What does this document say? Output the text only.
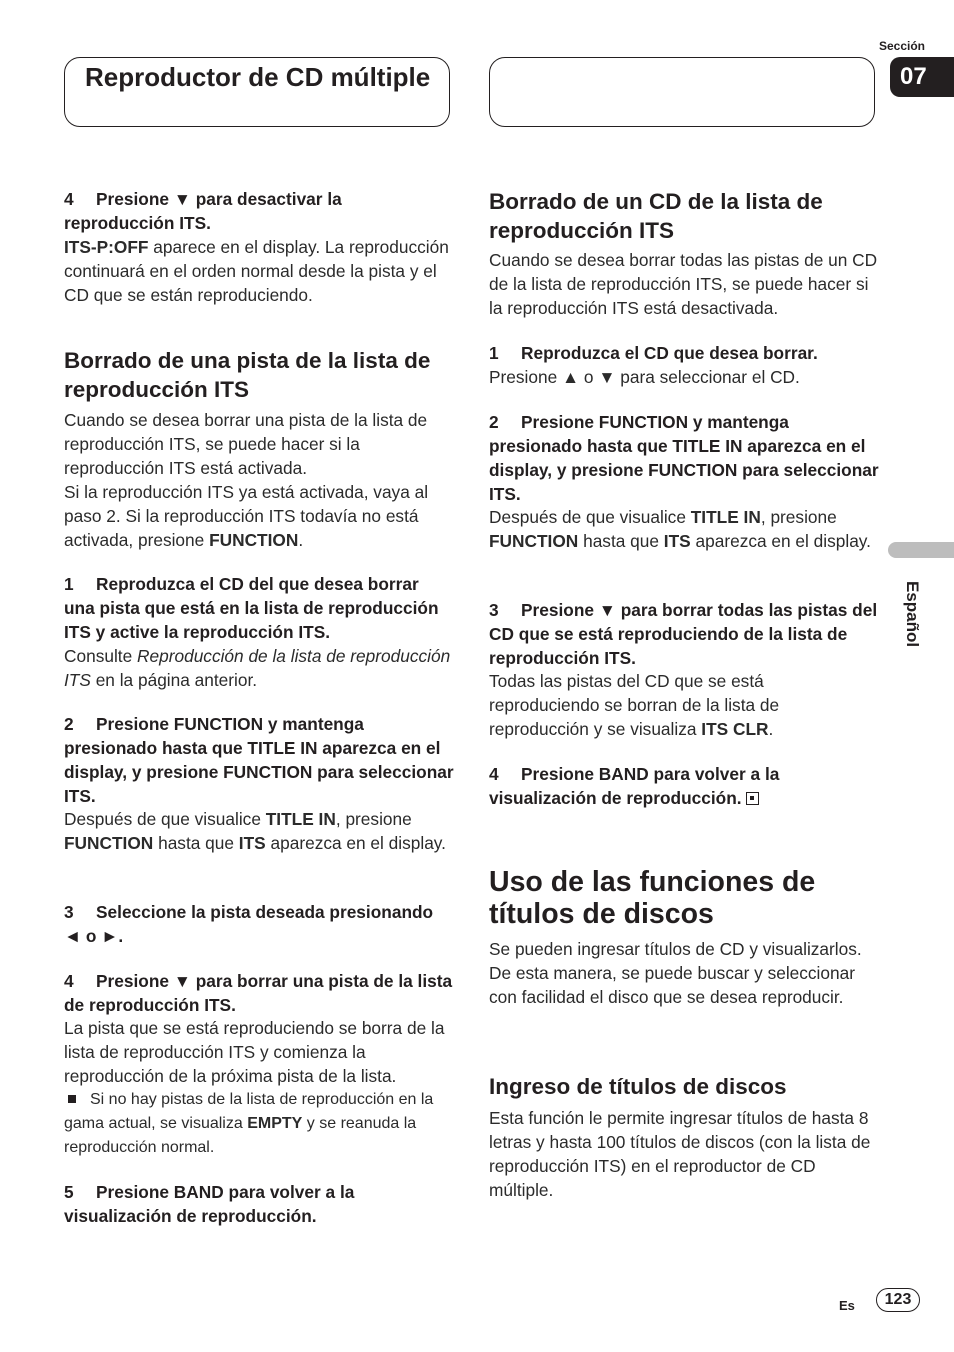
Reproductor de CD múltiple
Sección
07
Español

4 Presione ▼ para desactivar la reproducción ITS.

ITS-P:OFF aparece en el display. La reproducción continuará en el orden normal desde la pista y el CD que se están reproduciendo.

Borrado de una pista de la lista de reproducción ITS

Cuando se desea borrar una pista de la lista de reproducción ITS, se puede hacer si la reproducción ITS está activada.

Si la reproducción ITS ya está activada, vaya al paso 2. Si la reproducción ITS todavía no está activada, presione FUNCTION.

1 Reproduzca el CD del que desea borrar una pista que está en la lista de reproducción ITS y active la reproducción ITS.

Consulte Reproducción de la lista de reproducción ITS en la página anterior.

2 Presione FUNCTION y mantenga presionado hasta que TITLE IN aparezca en el display, y presione FUNCTION para seleccionar ITS.

Después de que visualice TITLE IN, presione FUNCTION hasta que ITS aparezca en el display.

3 Seleccione la pista deseada presionando ◄ o ►.

4 Presione ▼ para borrar una pista de la lista de reproducción ITS.

La pista que se está reproduciendo se borra de la lista de reproducción ITS y comienza la reproducción de la próxima pista de la lista.

Si no hay pistas de la lista de reproducción en la gama actual, se visualiza EMPTY y se reanuda la reproducción normal.

5 Presione BAND para volver a la visualización de reproducción.

Borrado de un CD de la lista de reproducción ITS

Cuando se desea borrar todas las pistas de un CD de la lista de reproducción ITS, se puede hacer si la reproducción ITS está desactivada.

1 Reproduzca el CD que desea borrar.

Presione ▲ o ▼ para seleccionar el CD.

2 Presione FUNCTION y mantenga presionado hasta que TITLE IN aparezca en el display, y presione FUNCTION para seleccionar ITS.

Después de que visualice TITLE IN, presione FUNCTION hasta que ITS aparezca en el display.

3 Presione ▼ para borrar todas las pistas del CD que se está reproduciendo de la lista de reproducción ITS.

Todas las pistas del CD que se está reproduciendo se borran de la lista de reproducción y se visualiza ITS CLR.

4 Presione BAND para volver a la visualización de reproducción.

Uso de las funciones de títulos de discos

Se pueden ingresar títulos de CD y visualizarlos. De esta manera, se puede buscar y seleccionar con facilidad el disco que se desea reproducir.

Ingreso de títulos de discos

Esta función le permite ingresar títulos de hasta 8 letras y hasta 100 títulos de discos (con la lista de reproducción ITS) en el reproductor de CD múltiple.

Es	123
